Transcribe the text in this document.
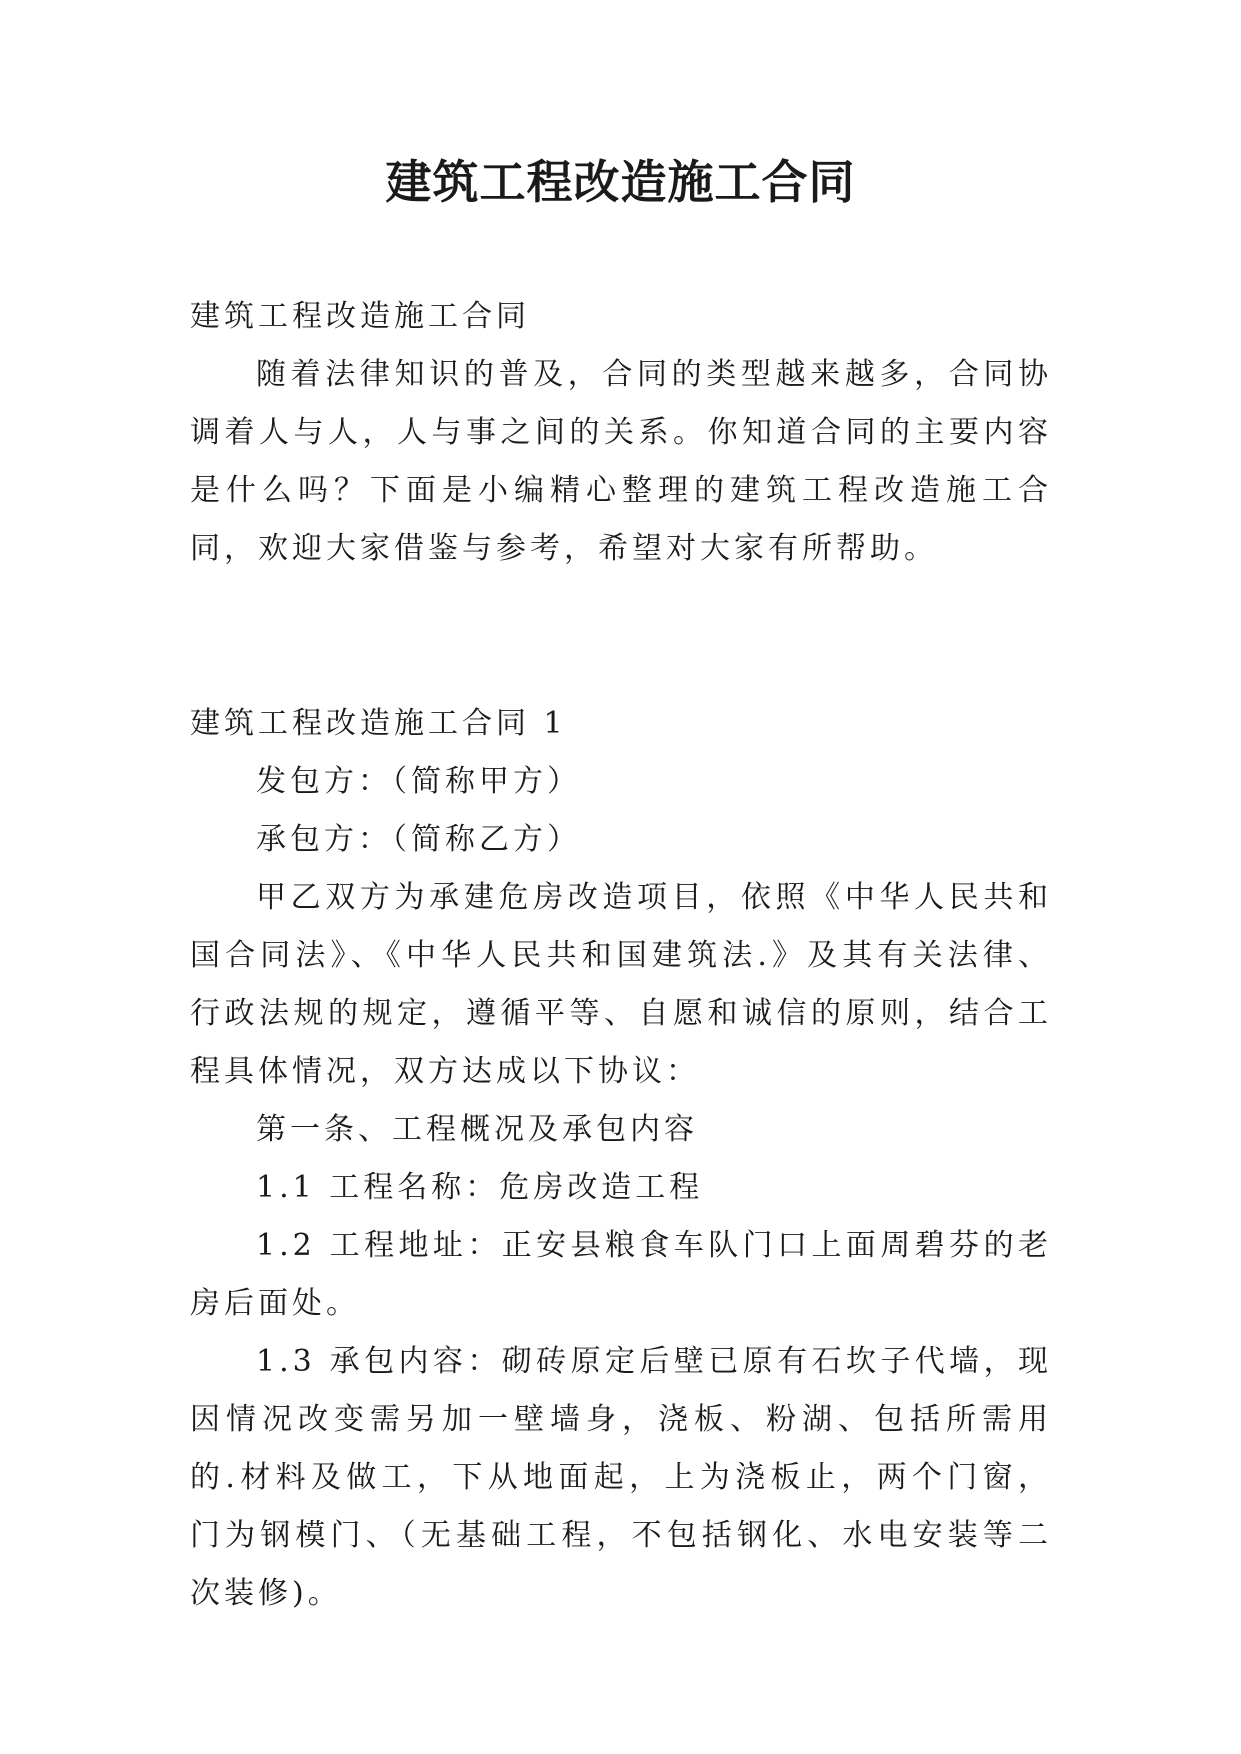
建筑工程改造施工合同

建筑工程改造施工合同

随着法律知识的普及，合同的类型越来越多，合同协调着人与人，人与事之间的关系。你知道合同的主要内容是什么吗？下面是小编精心整理的建筑工程改造施工合同，欢迎大家借鉴与参考，希望对大家有所帮助。

建筑工程改造施工合同 1

发包方：（简称甲方）

承包方：（简称乙方）

甲乙双方为承建危房改造项目，依照《中华人民共和国合同法》、《中华人民共和国建筑法.》及其有关法律、行政法规的规定，遵循平等、自愿和诚信的原则，结合工程具体情况，双方达成以下协议：

第一条、工程概况及承包内容

1.1 工程名称：危房改造工程

1.2 工程地址：正安县粮食车队门口上面周碧芬的老房后面处。

1.3 承包内容：砌砖原定后壁已原有石坎子代墙，现因情况改变需另加一壁墙身，浇板、粉湖、包括所需用的.材料及做工，下从地面起，上为浇板止，两个门窗，门为钢模门、（无基础工程，不包括钢化、水电安装等二次装修)。
